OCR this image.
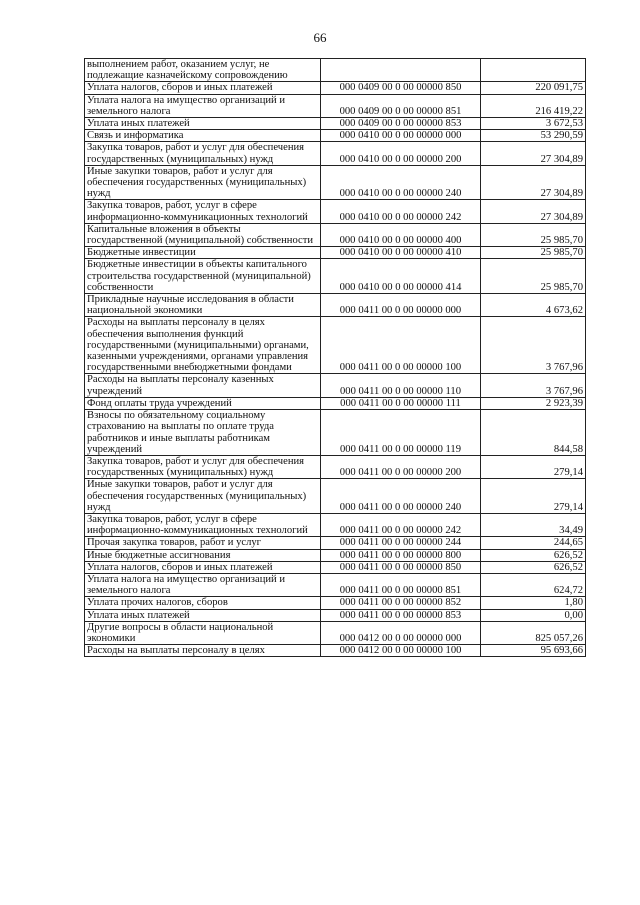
66
выполнением работ, оказанием услуг, не подлежащие казначейскому сопровождению		
Уплата налогов, сборов и иных платежей	000 0409 00 0 00 00000 850	220 091,75
Уплата налога на имущество организаций и земельного налога	000 0409 00 0 00 00000 851	216 419,22
Уплата иных платежей	000 0409 00 0 00 00000 853	3 672,53
Связь и информатика	000 0410 00 0 00 00000 000	53 290,59
Закупка товаров, работ и услуг для обеспечения государственных (муниципальных) нужд	000 0410 00 0 00 00000 200	27 304,89
Иные закупки товаров, работ и услуг для обеспечения государственных (муниципальных) нужд	000 0410 00 0 00 00000 240	27 304,89
Закупка товаров, работ, услуг в сфере информационно-коммуникационных технологий	000 0410 00 0 00 00000 242	27 304,89
Капитальные вложения в объекты государственной (муниципальной) собственности	000 0410 00 0 00 00000 400	25 985,70
Бюджетные инвестиции	000 0410 00 0 00 00000 410	25 985,70
Бюджетные инвестиции в объекты капитального строительства государственной (муниципальной) собственности	000 0410 00 0 00 00000 414	25 985,70
Прикладные научные исследования в области национальной экономики	000 0411 00 0 00 00000 000	4 673,62
Расходы на выплаты персоналу в целях обеспечения выполнения функций государственными (муниципальными) органами, казенными учреждениями, органами управления государственными внебюджетными фондами	000 0411 00 0 00 00000 100	3 767,96
Расходы на выплаты персоналу казенных учреждений	000 0411 00 0 00 00000 110	3 767,96
Фонд оплаты труда учреждений	000 0411 00 0 00 00000 111	2 923,39
Взносы по обязательному социальному страхованию на выплаты по оплате труда работников и иные выплаты работникам учреждений	000 0411 00 0 00 00000 119	844,58
Закупка товаров, работ и услуг для обеспечения государственных (муниципальных) нужд	000 0411 00 0 00 00000 200	279,14
Иные закупки товаров, работ и услуг для обеспечения государственных (муниципальных) нужд	000 0411 00 0 00 00000 240	279,14
Закупка товаров, работ, услуг в сфере информационно-коммуникационных технологий	000 0411 00 0 00 00000 242	34,49
Прочая закупка товаров, работ и услуг	000 0411 00 0 00 00000 244	244,65
Иные бюджетные ассигнования	000 0411 00 0 00 00000 800	626,52
Уплата налогов, сборов и иных платежей	000 0411 00 0 00 00000 850	626,52
Уплата налога на имущество организаций и земельного налога	000 0411 00 0 00 00000 851	624,72
Уплата прочих налогов, сборов	000 0411 00 0 00 00000 852	1,80
Уплата иных платежей	000 0411 00 0 00 00000 853	0,00
Другие вопросы в области национальной экономики	000 0412 00 0 00 00000 000	825 057,26
Расходы на выплаты персоналу в целях	000 0412 00 0 00 00000 100	95 693,66
